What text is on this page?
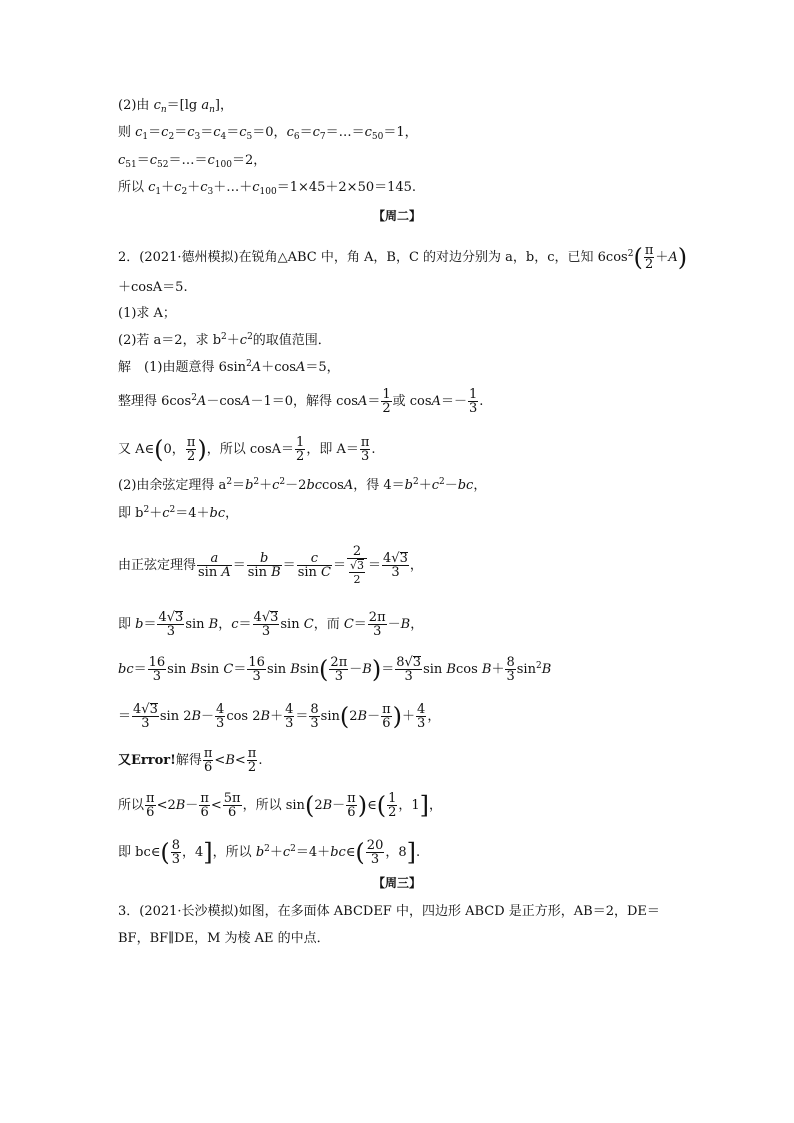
(2)由 $c_n=[\lg$ $a_n$]，
则 $c_1=c_2=c_3=c_4=c_5=0$，$c_6=c_7=\dots=c_{50}=1$，
$c_{51}=c_{52}=\dots=c_{100}=2$，
所以 $c_1+c_2+c_3+\dots+c_{100}=1\times 45+2\times 50=145$.
【周二】
2．(2021·德州模拟)在锐角△ABC 中，角 A，B，C 的对边分别为 a，b，c，已知 $6\cos^2( \frac{\pi}{2} +A)$
＋cosA＝5.
(1)求 A；
(2)若 a＝2，求 $b^2+c^2$的取值范围．
解　 (1)由题意得 $6\sin^2A+\cos A=5$，
整理得 $6\cos^2A-\cos A-1=0$，解得 $\cos A= \frac{1}{2}$ 或 $\cos A=- \frac{1}{3}$ .
又 A∈(0， $\frac{\pi}{2}$ )，所以 $\cos A= \frac{1}{2}$ ，即 $A= \frac{\pi}{3}$ .
(2)由余弦定理得 $a^2=b^2+c^2-2bccosA$，得 $4=b^2+c^2-bc$，
即 $b^2+c^2=4+bc$，
由正弦定理得 $\frac{a}{\text{sin A}} = \frac{b}{\text{sin B}} = \frac{c}{\text{sin C}} = \frac{2}{\frac{√3}{2}} = \frac{4√3}{3}$ ，
即 $b= \frac{4√3}{3}$ sin B，$c= \frac{4√3}{3}$ sin C，而 $C= \frac{2\pi}{3} -B$，
$bc= \frac{16}{3}$ sin Bsin $C= \frac{16}{3}$ $\sin Bsin( \frac{2\pi}{3} -B)= \frac{8√3}{3}$ sin Bcos $B+ \frac{8}{3} \sin^2B$
＝ $\frac{4√3}{3}$ $\sin 2B- \frac{4}{3}$ $\cos 2B+ \frac{4}{3} = \frac{8}{3} \sin(2B- \frac{\pi}{6}$ )＋ $\frac{4}{3}$ ，
又Error!解得 $\frac{\pi}{6} <B< \frac{\pi}{2}$ .
所以 $\frac{\pi}{6} <2B- \frac{\pi}{6} < \frac{5\pi}{6}$ ，所以 $\sin(2B- \frac{\pi}{6}$ )∈( $\frac{1}{2}$ ，1]，
即 bc∈( $\frac{8}{3}$ ，4]，所以 $b^2+c^2=4+bc\in( \frac{20}{3}$ ，8].
【周三】
3．(2021·长沙模拟)如图，在多面体 ABCDEF 中，四边形 ABCD 是正方形，AB＝2，DE＝
BF，BF∥DE，M 为棱 AE 的中点．
